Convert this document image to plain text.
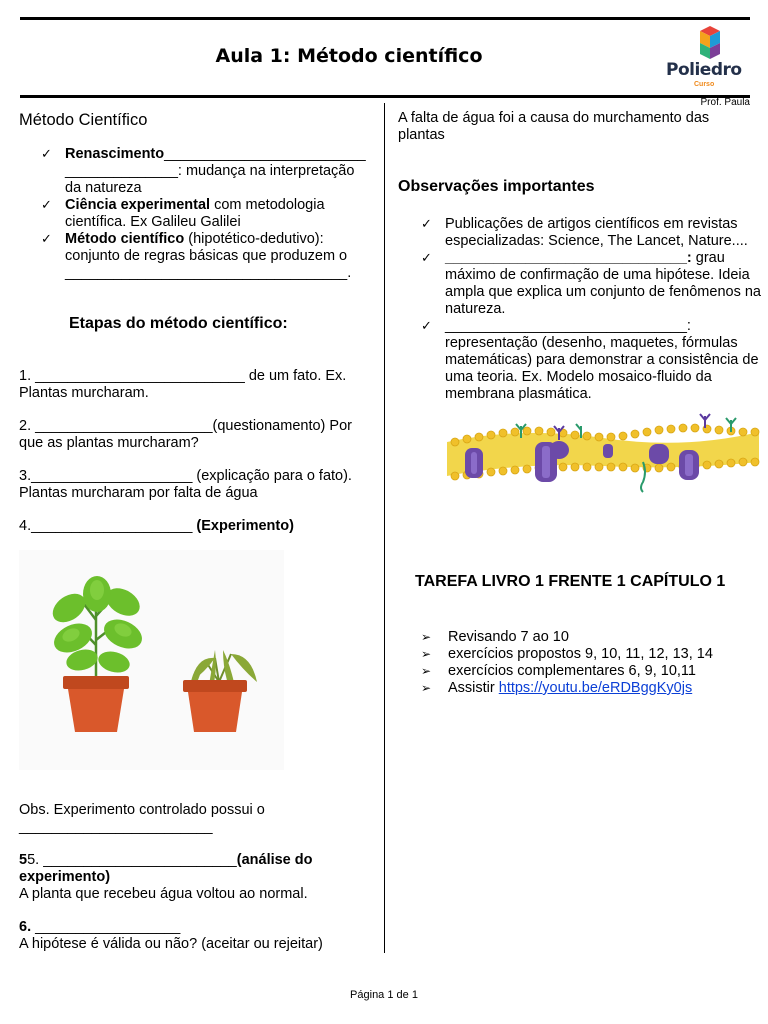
Aula 1: Método científico
Poliedro
Curso
Prof. Paula
Método Científico
✓ Renascimento_________________________ ______________: mudança na interpretação da natureza
✓ Ciência experimental com metodologia científica. Ex Galileu Galilei
✓ Método científico (hipotético-dedutivo): conjunto de regras básicas que produzem o ___________________________________.
Etapas do método científico:
1. __________________________ de um fato. Ex. Plantas murcharam.
2. ______________________(questionamento) Por que as plantas murcharam?
3.____________________ (explicação para o fato). Plantas murcharam por falta de água
4.____________________ (Experimento)
Obs. Experimento controlado possui o ________________________
55. ________________________(análise do experimento)
A planta que recebeu água voltou ao normal.
6. __________________
A hipótese é válida ou não? (aceitar ou rejeitar)
A falta de água foi a causa do murchamento das plantas
Observações importantes
✓ Publicações de artigos científicos em revistas especializadas: Science, The Lancet, Nature....
✓ ______________________________: grau máximo de confirmação de uma hipótese. Ideia ampla que explica um conjunto de fenômenos na natureza.
✓ ______________________________: representação (desenho, maquetes, fórmulas matemáticas) para demonstrar a consistência de uma teoria. Ex. Modelo mosaico-fluido da membrana plasmática.
TAREFA LIVRO 1 FRENTE 1 CAPÍTULO 1
➢ Revisando 7 ao 10
➢ exercícios propostos 9, 10, 11, 12, 13, 14
➢ exercícios complementares 6, 9, 10,11
➢ Assistir https://youtu.be/eRDBggKy0js
Página 1 de 1
